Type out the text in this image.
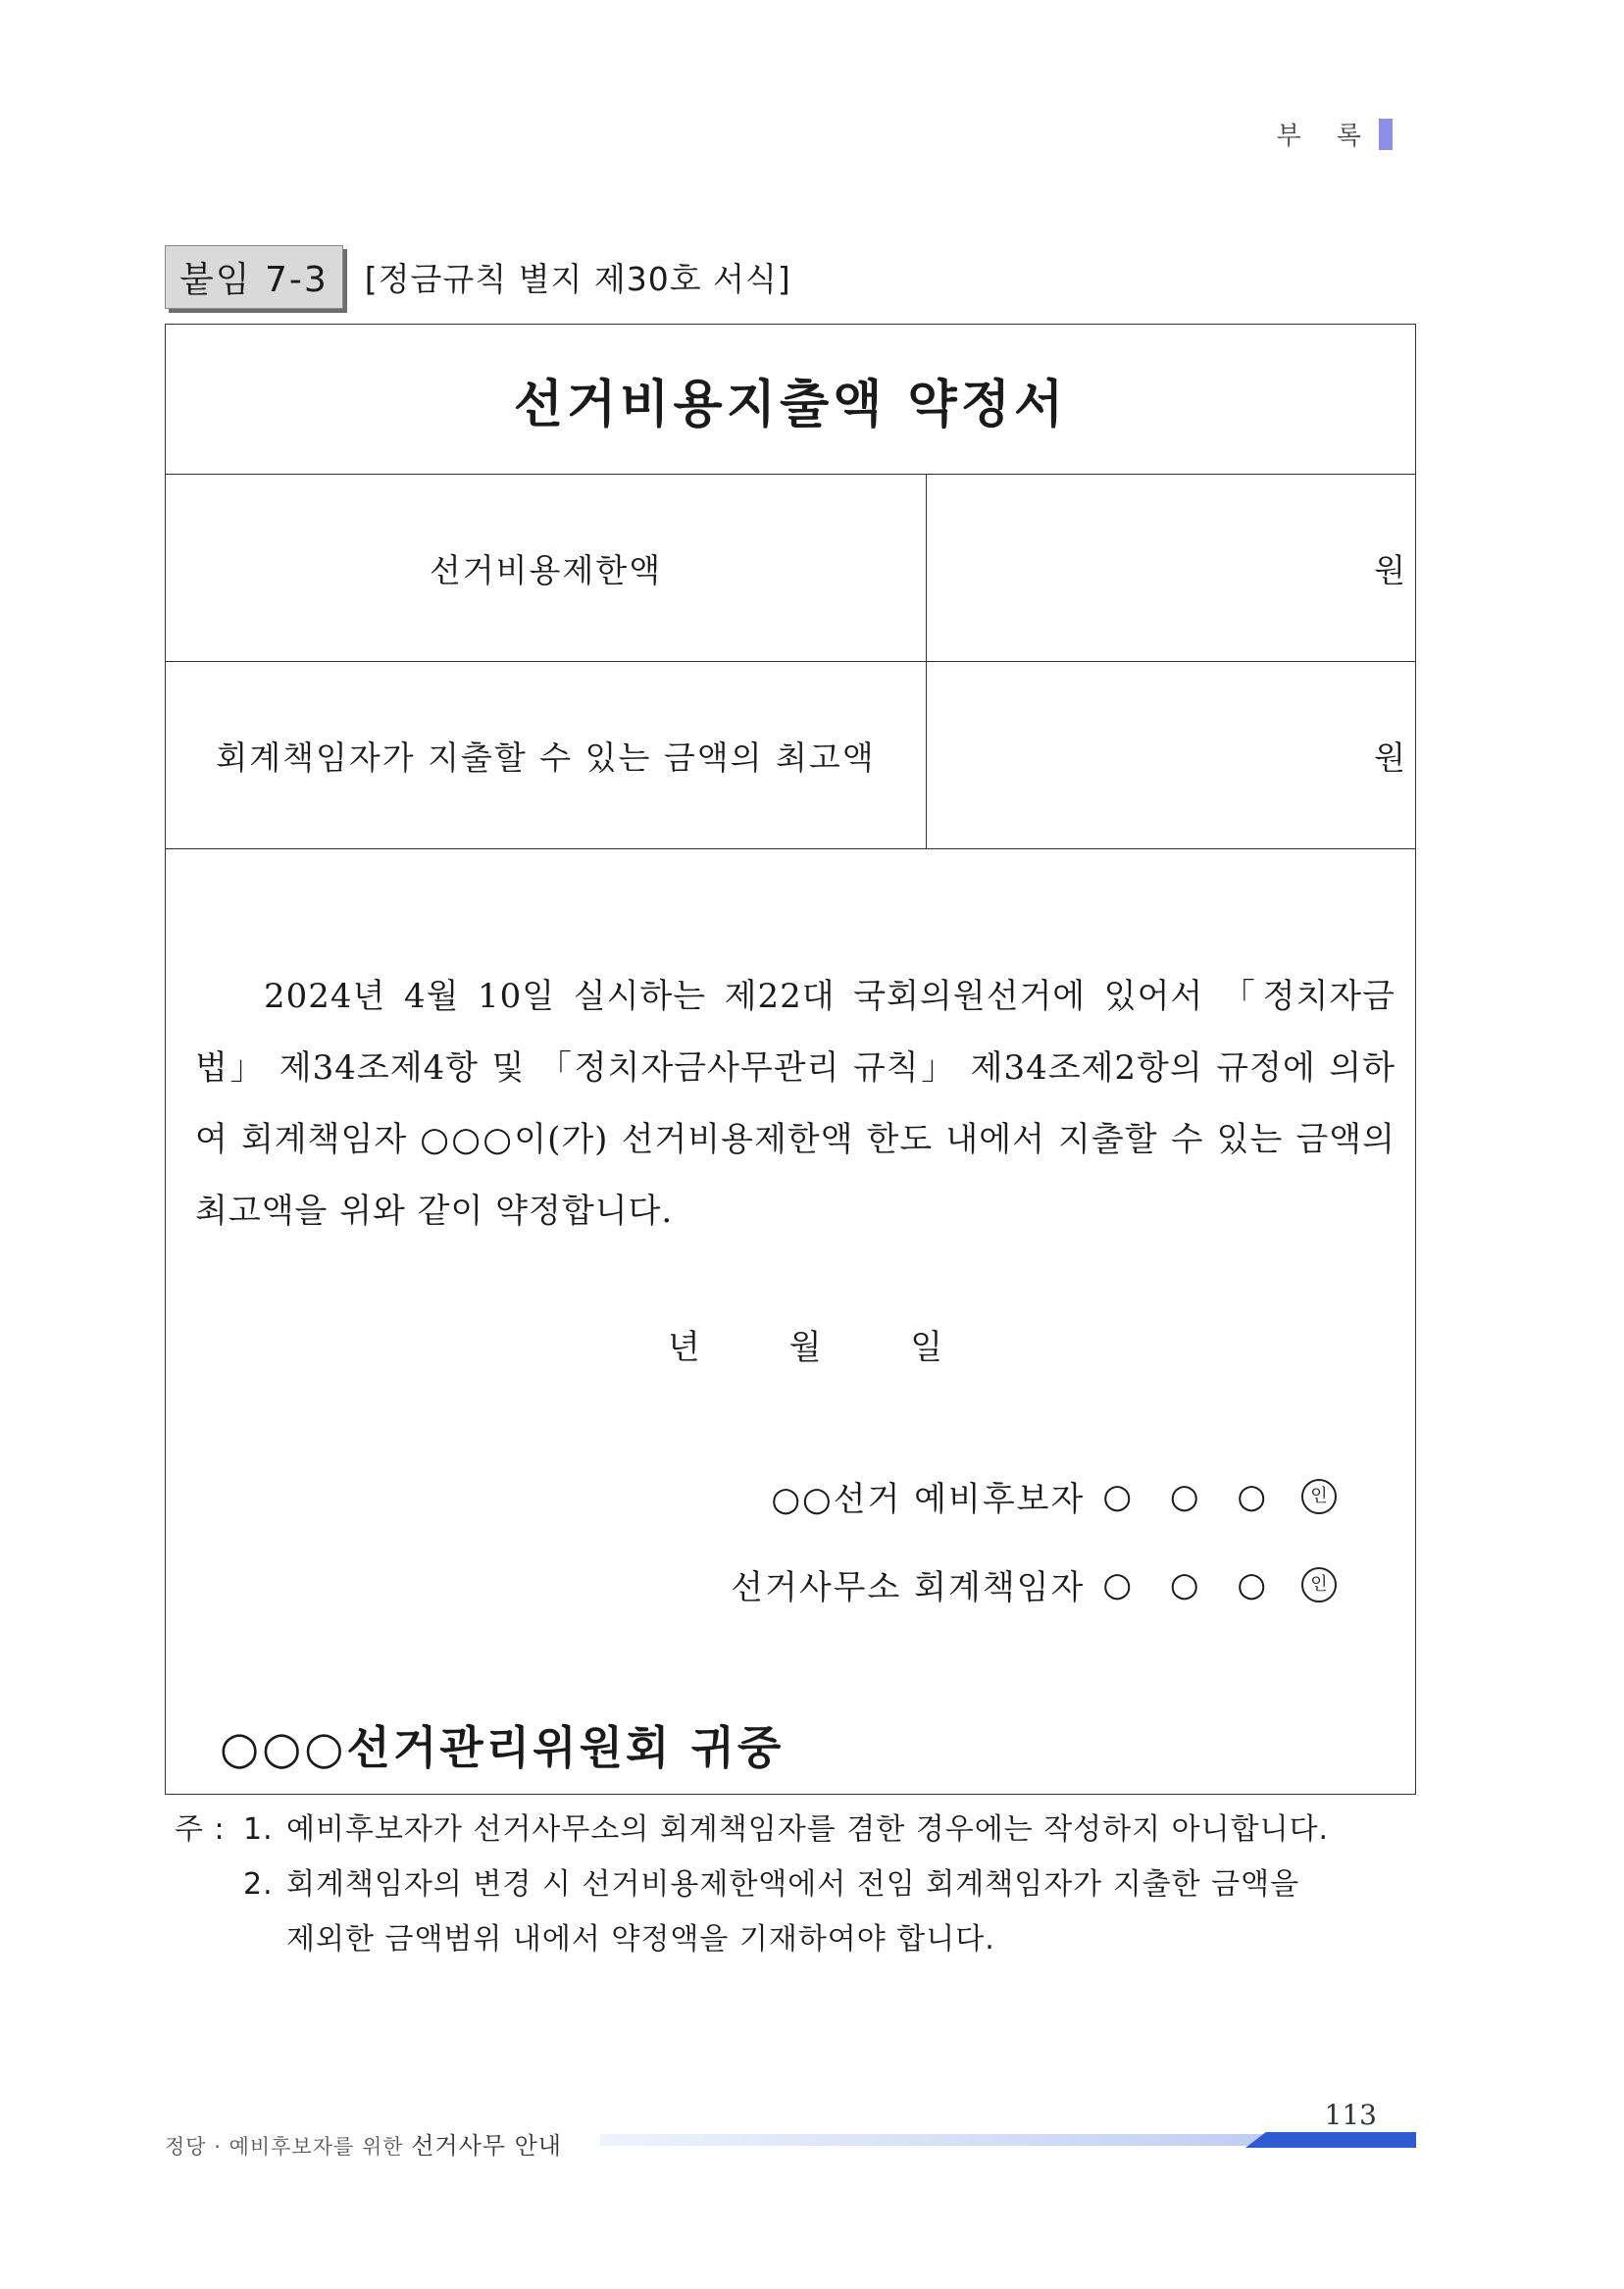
부 록
붙임 7-3	[정금규칙 별지 제30호 서식]
선거비용지출액 약정서
선거비용제한액	원
회계책임자가 지출할 수 있는 금액의 최고액	원

2024년 4월 10일 실시하는 제22대 국회의원선거에 있어서 「정치자금법」 제34조제4항 및 「정치자금사무관리 규칙」 제34조제2항의 규정에 의하여 회계책임자 ○○○이(가) 선거비용제한액 한도 내에서 지출할 수 있는 금액의 최고액을 위와 같이 약정합니다.

년 월 일
○○선거 예비후보자 ○ ○ ○	인
선거사무소 회계책임자 ○ ○ ○	인
○○○선거관리위원회 귀중
주 : 1. 예비후보자가 선거사무소의 회계책임자를 겸한 경우에는 작성하지 아니합니다.
2. 회계책임자의 변경 시 선거비용제한액에서 전임 회계책임자가 지출한 금액을
제외한 금액범위 내에서 약정액을 기재하여야 합니다.
113
정당 · 예비후보자를 위한 선거사무 안내
